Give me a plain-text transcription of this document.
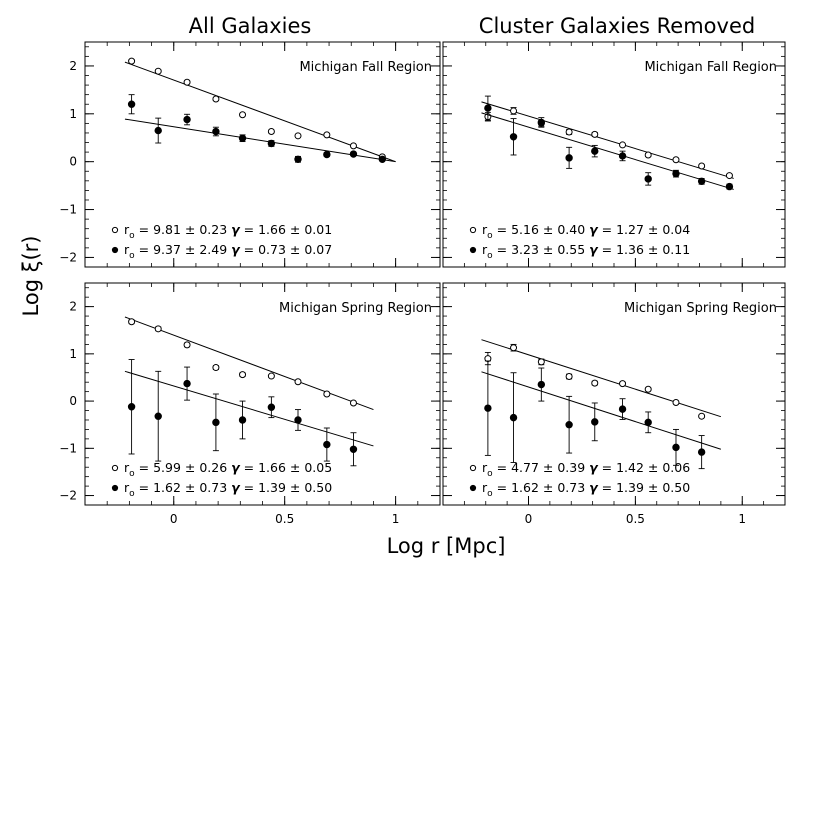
All Galaxies	Cluster Galaxies Removed
Log r [Mpc]
Log ξ(r) −2
−1
0
1
2	Michigan Fall Region
$r_o = 9.81 \pm 0.23$ γ = 1.66 ± 0.01
$r_o = 9.37 \pm 2.49$ γ = 0.73 ± 0.07
Michigan Fall Region
$r_o = 5.16 \pm 0.40$ γ = 1.27 ± 0.04
$r_o = 3.23 \pm 0.55$ γ = 1.36 ± 0.11
−2
−1
0
1
2
0	0.5	1
Michigan Spring Region
$r_o = 5.99 \pm 0.26$ γ = 1.66 ± 0.05
$r_o = 1.62 \pm 0.73$ γ = 1.39 ± 0.50
0	0.5	1
Michigan Spring Region
$r_o = 4.77 \pm 0.39$ γ = 1.42 ± 0.06
$r_o = 1.62 \pm 0.73$ γ = 1.39 ± 0.50
